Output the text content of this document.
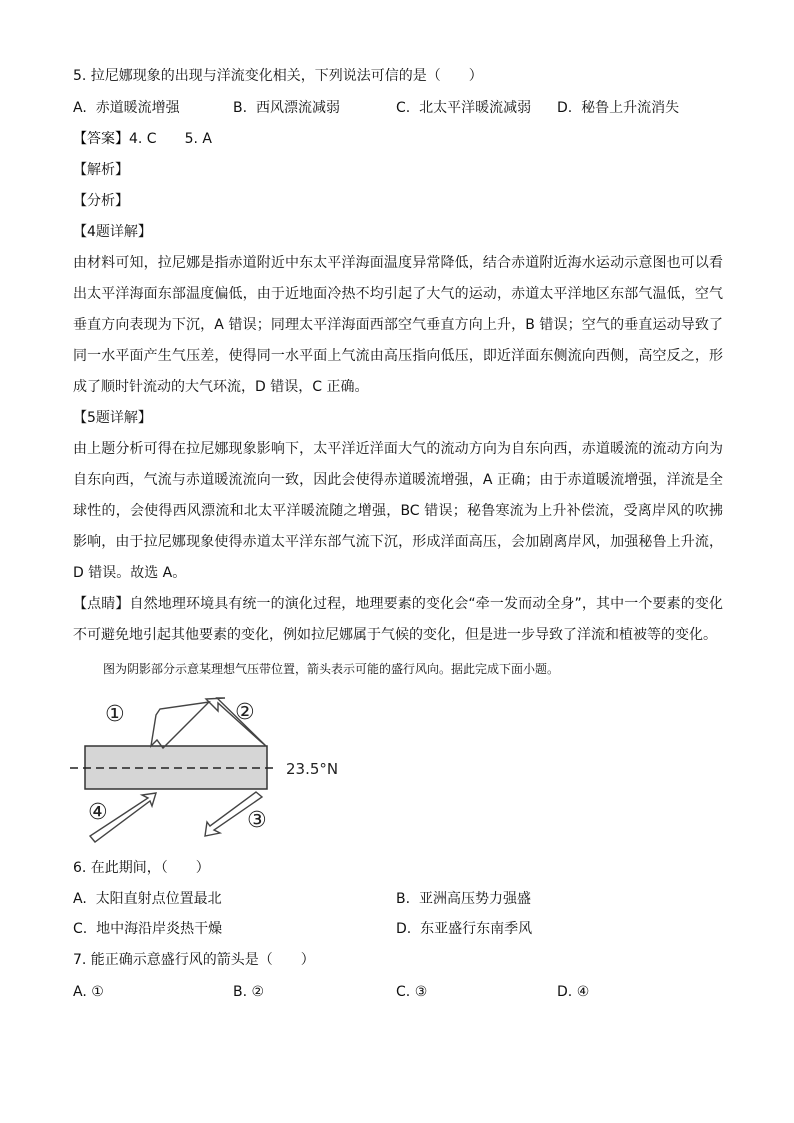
5. 拉尼娜现象的出现与洋流变化相关，下列说法可信的是（　　）
A. 赤道暖流增强	B. 西风漂流减弱	C. 北太平洋暖流减弱 D. 秘鲁上升流消失
【答案】4. C　　5. A
【解析】
【分析】
【4题详解】
由材料可知，拉尼娜是指赤道附近中东太平洋海面温度异常降低，结合赤道附近海水运动示意图也可以看出太平洋海面东部温度偏低，由于近地面冷热不均引起了大气的运动，赤道太平洋地区东部气温低，空气垂直方向表现为下沉，A 错误；同理太平洋海面西部空气垂直方向上升，B 错误；空气的垂直运动导致了同一水平面产生气压差，使得同一水平面上气流由高压指向低压，即近洋面东侧流向西侧，高空反之，形成了顺时针流动的大气环流，D 错误，C 正确。
【5题详解】
由上题分析可得在拉尼娜现象影响下，太平洋近洋面大气的流动方向为自东向西，赤道暖流的流动方向为自东向西，气流与赤道暖流流向一致，因此会使得赤道暖流增强，A 正确；由于赤道暖流增强，洋流是全球性的，会使得西风漂流和北太平洋暖流随之增强，BC 错误；秘鲁寒流为上升补偿流，受离岸风的吹拂影响，由于拉尼娜现象使得赤道太平洋东部气流下沉，形成洋面高压，会加剧离岸风，加强秘鲁上升流，D 错误。故选 A。
【点睛】自然地理环境具有统一的演化过程，地理要素的变化会“牵一发而动全身”，其中一个要素的变化不可避免地引起其他要素的变化，例如拉尼娜属于气候的变化，但是进一步导致了洋流和植被等的变化。
图为阴影部分示意某理想气压带位置，箭头表示可能的盛行风向。据此完成下面小题。
23.5°N
①	②
③
④
6. 在此期间，（　　）
A. 太阳直射点位置最北	B. 亚洲高压势力强盛
C. 地中海沿岸炎热干燥	D. 东亚盛行东南季风
7. 能正确示意盛行风的箭头是（　　）
A. ①	B. ②	C. ③	D. ④
